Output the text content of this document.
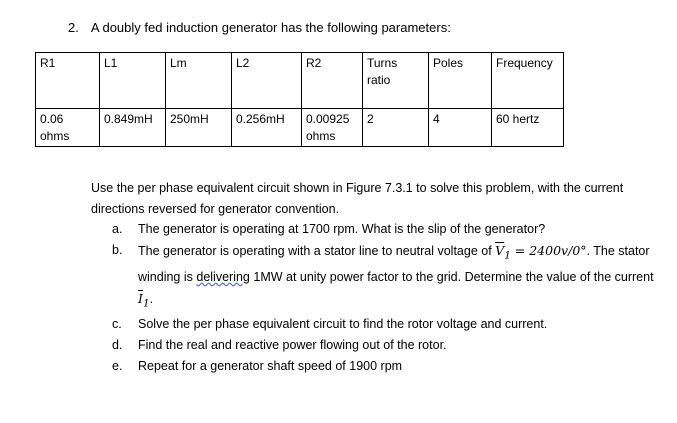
2. A doubly fed induction generator has the following parameters:
R1	L1	Lm	L2	R2	Turns ratio	Poles	Frequency
0.06 ohms	0.849mH	250mH	0.256mH	0.00925 ohms	2	4	60 hertz
Use the per phase equivalent circuit shown in Figure 7.3.1 to solve this problem, with the current directions reversed for generator convention.
a.	The generator is operating at 1700 rpm. What is the slip of the generator?
b.	The generator is operating with a stator line to neutral voltage of $\overline{V}_1 = 2400v/0^\circ$. The stator winding is delivering 1MW at unity power factor to the grid. Determine the value of the current $\overline{I}_1$.
c.	Solve the per phase equivalent circuit to find the rotor voltage and current.
d.	Find the real and reactive power flowing out of the rotor.
e.	Repeat for a generator shaft speed of 1900 rpm
